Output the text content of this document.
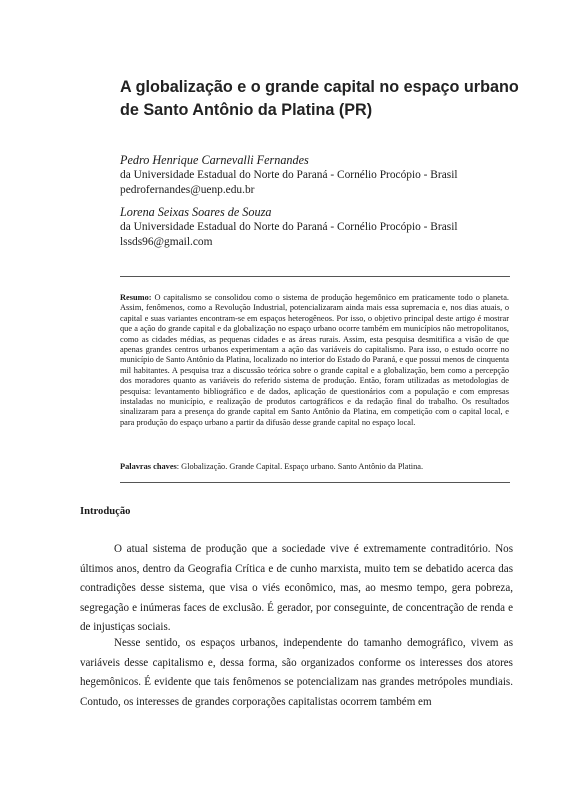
A globalização e o grande capital no espaço urbano de Santo Antônio da Platina (PR)
Pedro Henrique Carnevalli Fernandes
da Universidade Estadual do Norte do Paraná - Cornélio Procópio - Brasil
pedrofernandes@uenp.edu.br
Lorena Seixas Soares de Souza
da Universidade Estadual do Norte do Paraná - Cornélio Procópio - Brasil
lssds96@gmail.com
Resumo: O capitalismo se consolidou como o sistema de produção hegemônico em praticamente todo o planeta. Assim, fenômenos, como a Revolução Industrial, potencializaram ainda mais essa supremacia e, nos dias atuais, o capital e suas variantes encontram-se em espaços heterogêneos. Por isso, o objetivo principal deste artigo é mostrar que a ação do grande capital e da globalização no espaço urbano ocorre também em municípios não metropolitanos, como as cidades médias, as pequenas cidades e as áreas rurais. Assim, esta pesquisa desmitifica a visão de que apenas grandes centros urbanos experimentam a ação das variáveis do capitalismo. Para isso, o estudo ocorre no município de Santo Antônio da Platina, localizado no interior do Estado do Paraná, e que possui menos de cinquenta mil habitantes. A pesquisa traz a discussão teórica sobre o grande capital e a globalização, bem como a percepção dos moradores quanto as variáveis do referido sistema de produção. Então, foram utilizadas as metodologias de pesquisa: levantamento bibliográfico e de dados, aplicação de questionários com a população e com empresas instaladas no município, e realização de produtos cartográficos e da redação final do trabalho. Os resultados sinalizaram para a presença do grande capital em Santo Antônio da Platina, em competição com o capital local, e para produção do espaço urbano a partir da difusão desse grande capital no espaço local.
Palavras chaves: Globalização. Grande Capital. Espaço urbano. Santo Antônio da Platina.
Introdução

O atual sistema de produção que a sociedade vive é extremamente contraditório. Nos últimos anos, dentro da Geografia Crítica e de cunho marxista, muito tem se debatido acerca das contradições desse sistema, que visa o viés econômico, mas, ao mesmo tempo, gera pobreza, segregação e inúmeras faces de exclusão. É gerador, por conseguinte, de concentração de renda e de injustiças sociais.

Nesse sentido, os espaços urbanos, independente do tamanho demográfico, vivem as variáveis desse capitalismo e, dessa forma, são organizados conforme os interesses dos atores hegemônicos. É evidente que tais fenômenos se potencializam nas grandes metrópoles mundiais. Contudo, os interesses de grandes corporações capitalistas ocorrem também em
